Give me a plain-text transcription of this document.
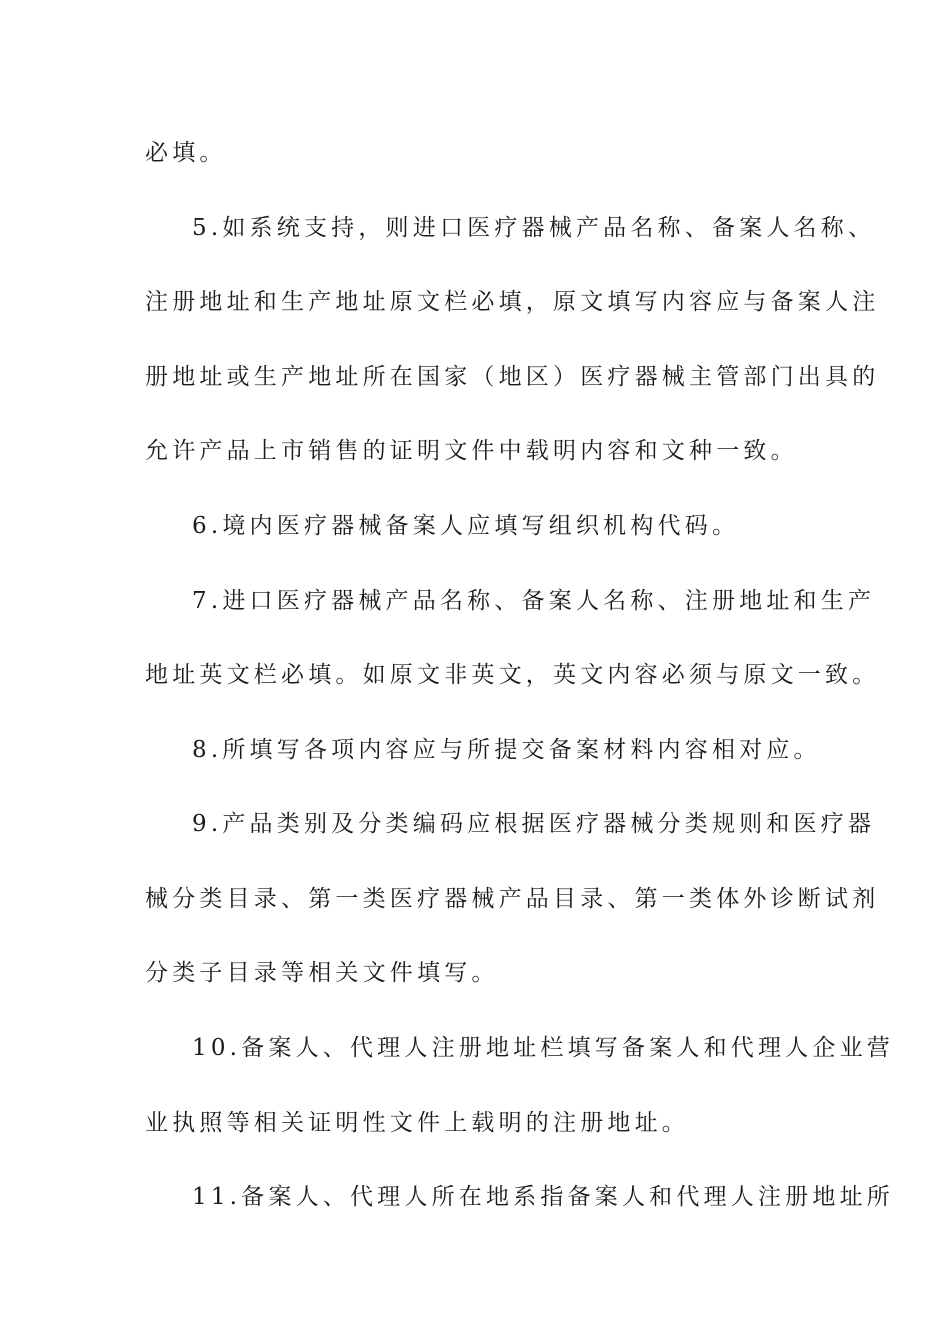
必填。
5.如系统支持，则进口医疗器械产品名称、备案人名称、
注册地址和生产地址原文栏必填，原文填写内容应与备案人注
册地址或生产地址所在国家（地区）医疗器械主管部门出具的
允许产品上市销售的证明文件中载明内容和文种一致。
6.境内医疗器械备案人应填写组织机构代码。
7.进口医疗器械产品名称、备案人名称、注册地址和生产
地址英文栏必填。如原文非英文，英文内容必须与原文一致。
8.所填写各项内容应与所提交备案材料内容相对应。
9.产品类别及分类编码应根据医疗器械分类规则和医疗器
械分类目录、第一类医疗器械产品目录、第一类体外诊断试剂
分类子目录等相关文件填写。
10.备案人、代理人注册地址栏填写备案人和代理人企业营
业执照等相关证明性文件上载明的注册地址。
11.备案人、代理人所在地系指备案人和代理人注册地址所
